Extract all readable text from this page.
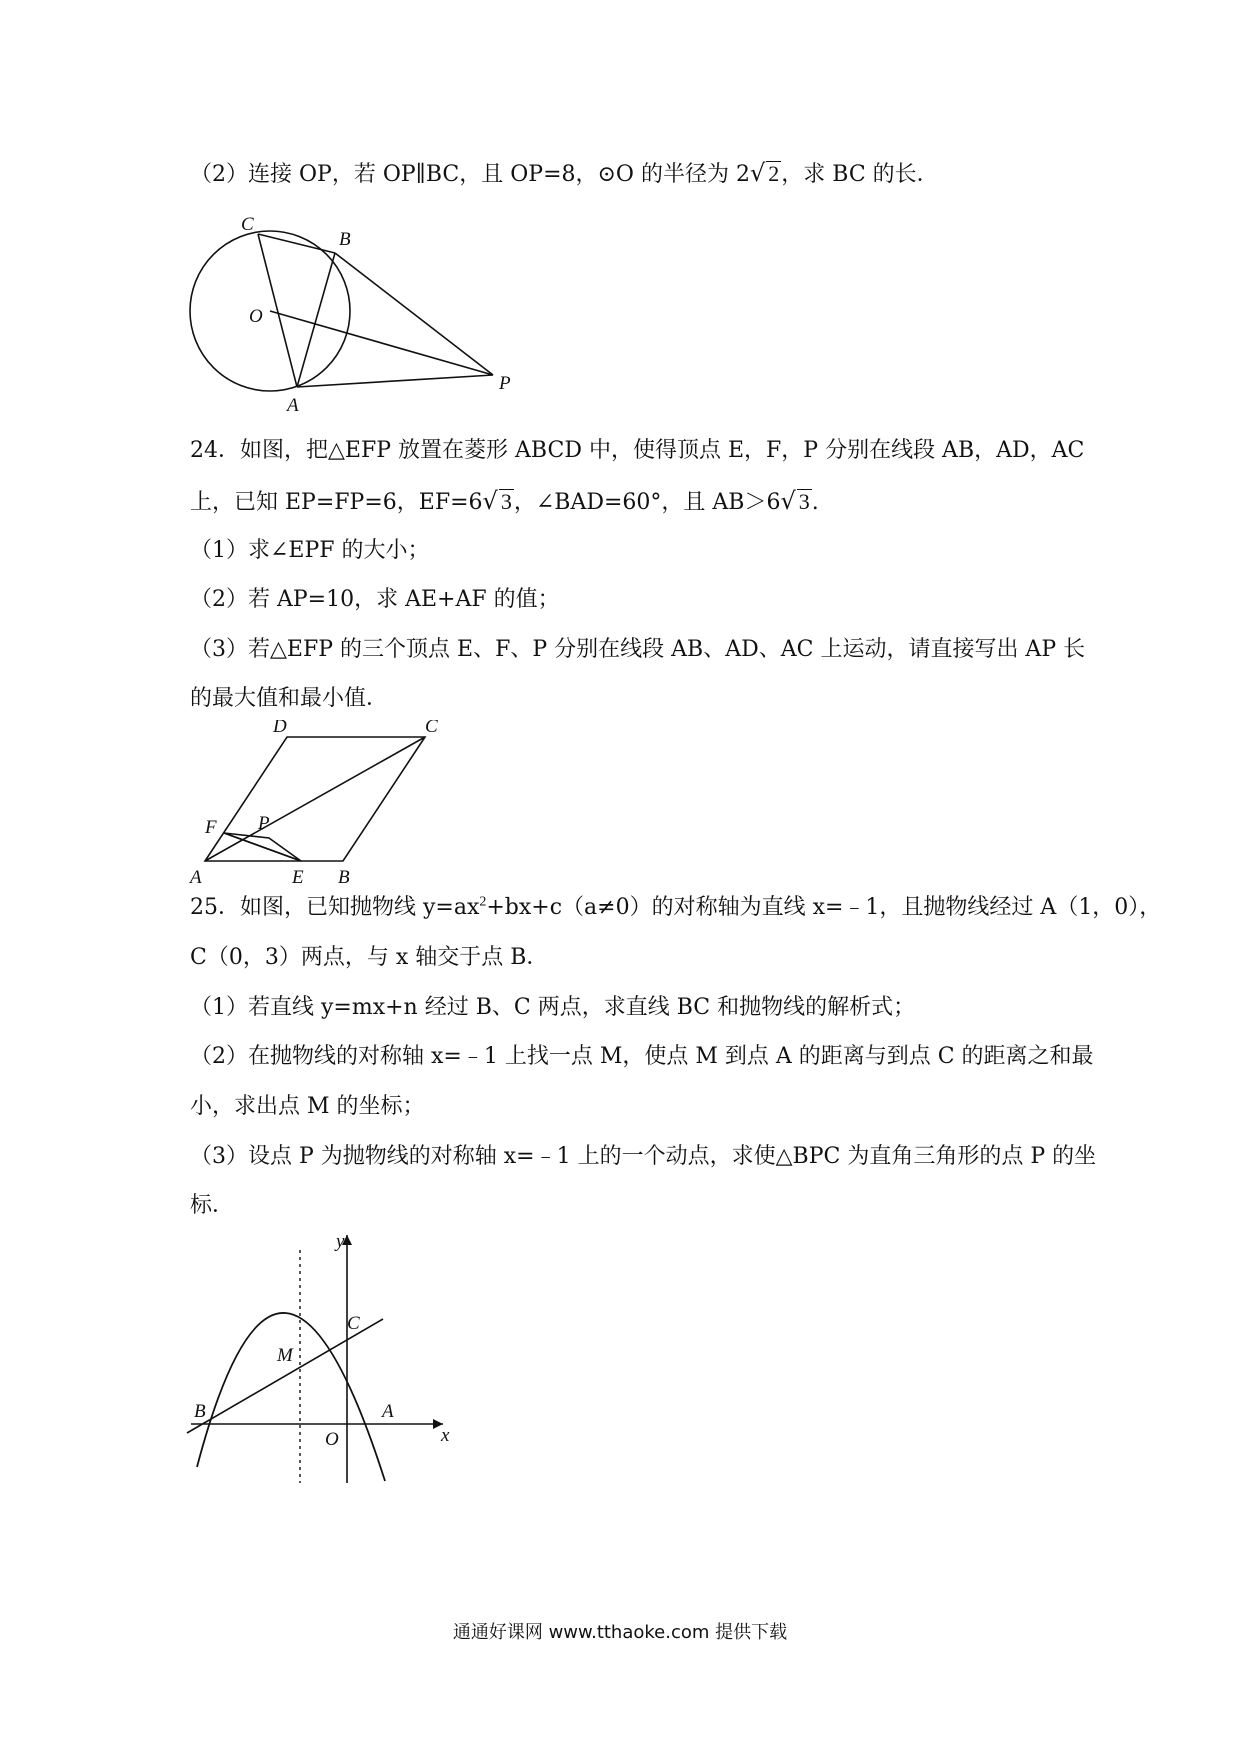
（2）连接 OP，若 OP∥BC，且 OP=8，⊙O 的半径为 2√ 2，求 BC 的长．
C
B
O
A
P
24．如图，把△EFP 放置在菱形 ABCD 中，使得顶点 E，F，P 分别在线段 AB，AD，AC
上，已知 EP=FP=6，EF=6√ 3，∠BAD=60°，且 AB＞6√ 3.
（1）求∠EPF 的大小；
（2）若 AP=10，求 AE+AF 的值；
（3）若△EFP 的三个顶点 E、F、P 分别在线段 AB、AD、AC 上运动，请直接写出 AP 长
的最大值和最小值．
D	C
F P
A	E B
25．如图，已知抛物线 $y=ax^2+bx+c(a\ne 0)$的对称轴为直线 x=﹣1，且抛物线经过 A（1，0），
C（0，3）两点，与 x 轴交于点 B．
（1）若直线 y=mx+n 经过 B、C 两点，求直线 BC 和抛物线的解析式；
（2）在抛物线的对称轴 x=﹣1 上找一点 M，使点 M 到点 A 的距离与到点 C 的距离之和最
小，求出点 M 的坐标；
（3）设点 P 为抛物线的对称轴 x=﹣1 上的一个动点，求使△BPC 为直角三角形的点 P 的坐
标．
y
C
M
B	A
O	x
通通好课网 www.tthaoke.com 提供下载
